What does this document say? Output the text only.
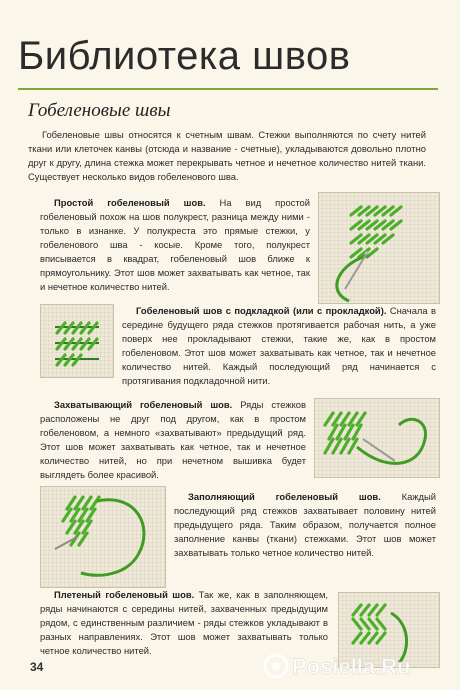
Библиотека швов
Гобеленовые швы

Гобеленовые швы относятся к счетным швам. Стежки выполняются по счету нитей ткани или клеточек канвы (отсюда и название - счетные), укладываются довольно плотно друг к другу, длина стежка может перекрывать четное и нечетное количество нитей ткани. Существует несколько видов гобеленового шва.

Простой гобеленовый шов. На вид простой гобеленовый похож на шов полукрест, разница между ними - только в изнанке. У полукреста это прямые стежки, у гобеленового шва - косые. Кроме того, полукрест вписывается в квадрат, гобеленовый шов ближе к прямоугольнику. Этот шов может захватывать как четное, так и нечетное количество нитей.

Гобеленовый шов с подкладкой (или с прокладкой). Сначала в середине будущего ряда стежков протягивается рабочая нить, а уже поверх нее прокладывают стежки, такие же, как в простом гобеленовом. Этот шов может захватывать как четное, так и нечетное количество нитей. Каждый последующий ряд начинается с протягивания подкладочной нити.

Захватывающий гобеленовый шов. Ряды стежков расположены не друг под другом, как в простом гобеленовом, а немного «захватывают» предыдущий ряд. Этот шов может захватывать как четное, так и нечетное количество нитей, но при нечетном вышивка будет выглядеть более красивой.

Заполняющий гобеленовый шов. Каждый последующий ряд стежков захватывает половину нитей предыдущего ряда. Таким образом, получается полное заполнение канвы (ткани) стежками. Этот шов может захватывать только четное количество нитей.

Плетеный гобеленовый шов. Так же, как в заполняющем, ряды начинаются с середины нитей, захваченных предыдущим рядом, с единственным различием - ряды стежков укладывают в разных направлениях. Этот шов может захватывать только четное количество нитей.

34	Posiella.Ru
